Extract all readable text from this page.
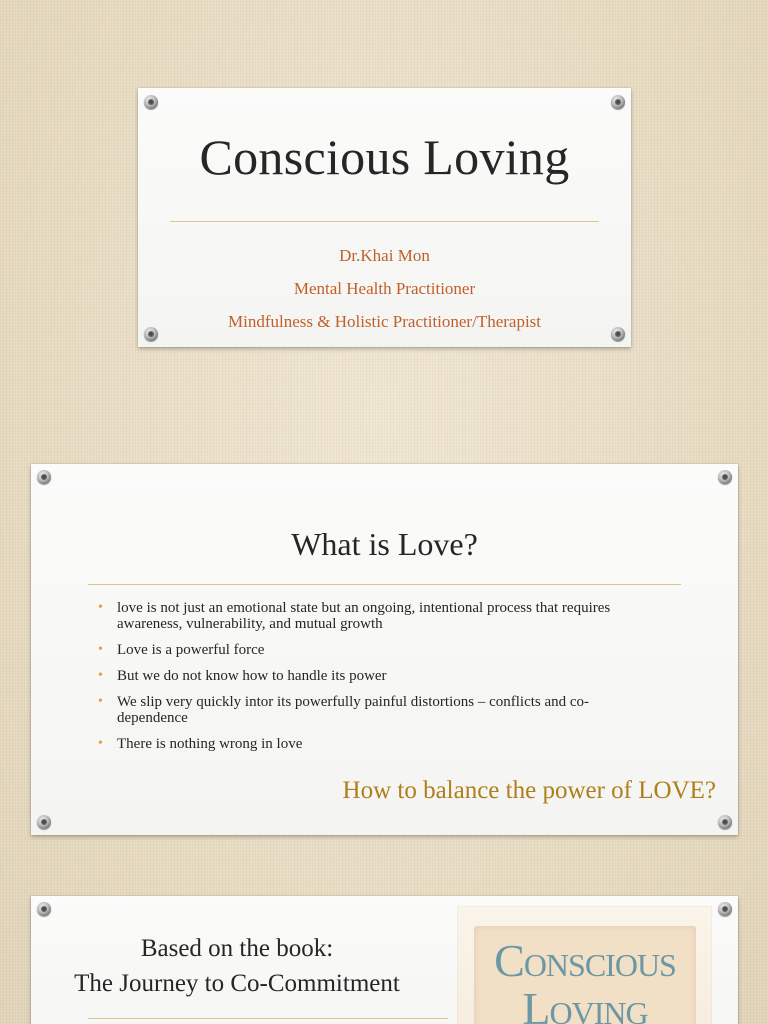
Conscious Loving
Dr.Khai Mon
Mental Health Practitioner
Mindfulness & Holistic Practitioner/Therapist
What is Love?
• love is not just an emotional state but an ongoing, intentional process that requires awareness, vulnerability, and mutual growth
• Love is a powerful force
• But we do not know how to handle its power
• We slip very quickly intor its powerfully painful distortions – conflicts and co-dependence
• There is nothing wrong in love
How to balance the power of LOVE?
Based on the book:
The Journey to Co-Commitment	Conscious
Loving
